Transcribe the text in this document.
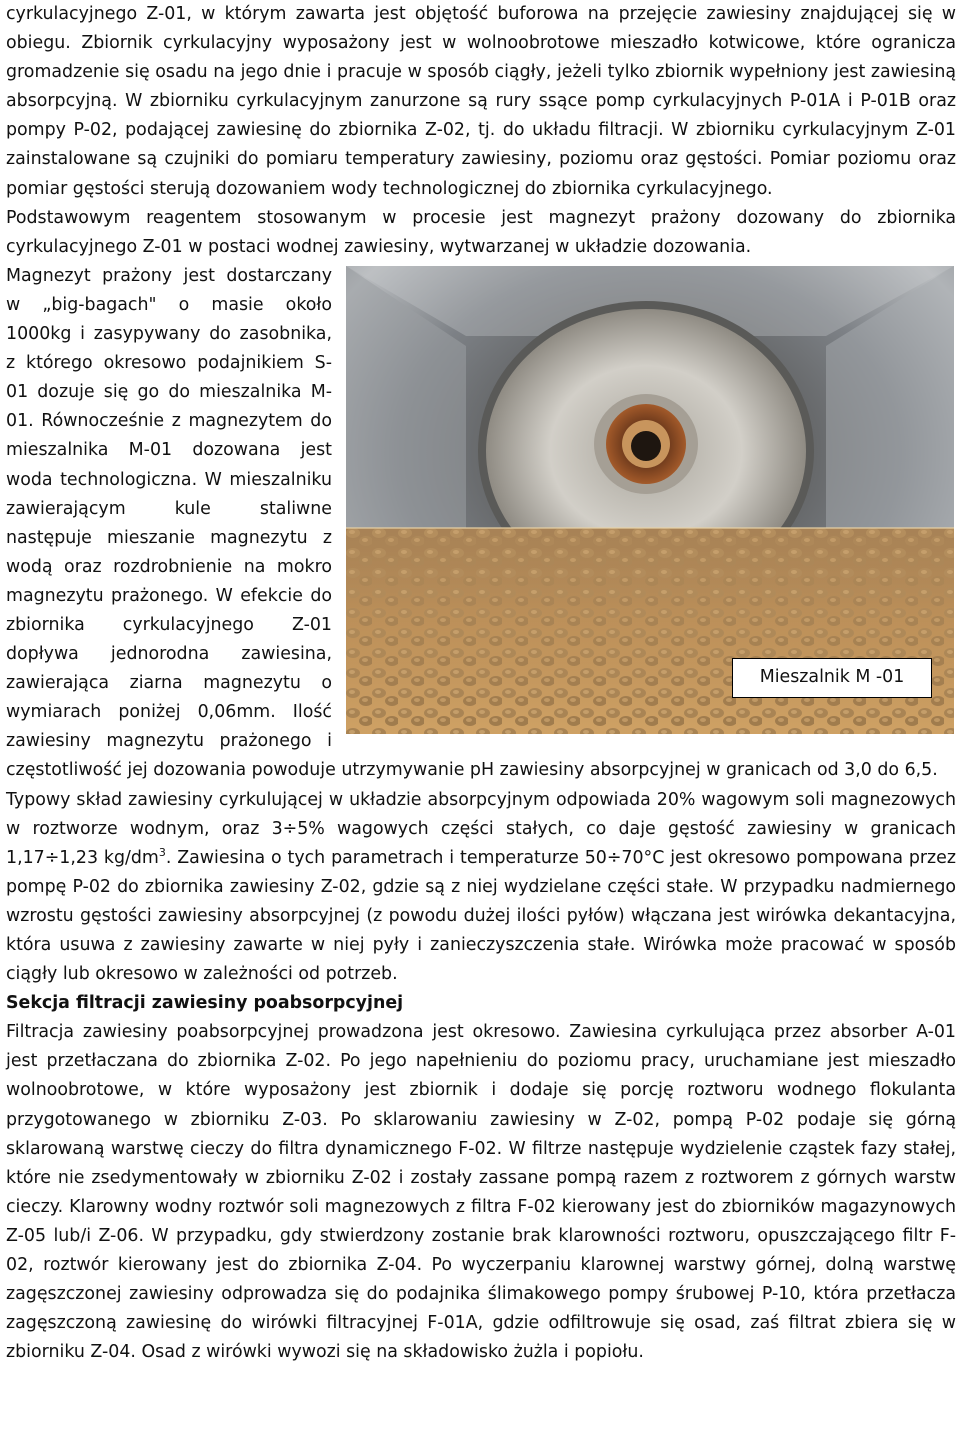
cyrkulacyjnego Z-01, w którym zawarta jest objętość buforowa na przejęcie zawiesiny znajdującej się w obiegu. Zbiornik cyrkulacyjny wyposażony jest w wolnoobrotowe mieszadło kotwicowe, które ogranicza gromadzenie się osadu na jego dnie i pracuje w sposób ciągły, jeżeli tylko zbiornik wypełniony jest zawiesiną absorpcyjną. W zbiorniku cyrkulacyjnym zanurzone są rury ssące pomp cyrkulacyjnych P-01A i P-01B oraz pompy P-02, podającej zawiesinę do zbiornika Z-02, tj. do układu filtracji. W zbiorniku cyrkulacyjnym Z-01 zainstalowane są czujniki do pomiaru temperatury zawiesiny, poziomu oraz gęstości. Pomiar poziomu oraz pomiar gęstości sterują dozowaniem wody technologicznej do zbiornika cyrkulacyjnego.

Podstawowym reagentem stosowanym w procesie jest magnezyt prażony dozowany do zbiornika cyrkulacyjnego Z-01 w postaci wodnej zawiesiny, wytwarzanej w układzie dozowania.

Mieszalnik M -01

Magnezyt prażony jest dostarczany w „big-bagach" o masie około 1000kg i zasypywany do zasobnika, z którego okresowo podajnikiem S-01 dozuje się go do mieszalnika M-01. Równocześnie z magnezytem do mieszalnika M-01 dozowana jest woda technologiczna. W mieszalniku zawierającym kule staliwne następuje mieszanie magnezytu z wodą oraz rozdrobnienie na mokro magnezytu prażonego. W efekcie do zbiornika cyrkulacyjnego Z-01 dopływa jednorodna zawiesina, zawierająca ziarna magnezytu o wymiarach poniżej 0,06mm. Ilość zawiesiny magnezytu prażonego i częstotliwość jej dozowania powoduje utrzymywanie pH zawiesiny absorpcyjnej w granicach od 3,0 do 6,5.

Typowy skład zawiesiny cyrkulującej w układzie absorpcyjnym odpowiada 20% wagowym soli magnezowych w roztworze wodnym, oraz 3÷5% wagowych części stałych, co daje gęstość zawiesiny w granicach 1,17÷1,23 $kg/dm^3$. Zawiesina o tych parametrach i temperaturze 50÷70°C jest okresowo pompowana przez pompę P-02 do zbiornika zawiesiny Z-02, gdzie są z niej wydzielane części stałe. W przypadku nadmiernego wzrostu gęstości zawiesiny absorpcyjnej (z powodu dużej ilości pyłów) włączana jest wirówka dekantacyjna, która usuwa z zawiesiny zawarte w niej pyły i zanieczyszczenia stałe. Wirówka może pracować w sposób ciągły lub okresowo w zależności od potrzeb.

Sekcja filtracji zawiesiny poabsorpcyjnej

Filtracja zawiesiny poabsorpcyjnej prowadzona jest okresowo. Zawiesina cyrkulująca przez absorber A-01 jest przetłaczana do zbiornika Z-02. Po jego napełnieniu do poziomu pracy, uruchamiane jest mieszadło wolnoobrotowe, w które wyposażony jest zbiornik i dodaje się porcję roztworu wodnego flokulanta przygotowanego w zbiorniku Z-03. Po sklarowaniu zawiesiny w Z-02, pompą P-02 podaje się górną sklarowaną warstwę cieczy do filtra dynamicznego F-02. W filtrze następuje wydzielenie cząstek fazy stałej, które nie zsedymentowały w zbiorniku Z-02 i zostały zassane pompą razem z roztworem z górnych warstw cieczy. Klarowny wodny roztwór soli magnezowych z filtra F-02 kierowany jest do zbiorników magazynowych Z-05 lub/i Z-06. W przypadku, gdy stwierdzony zostanie brak klarowności roztworu, opuszczającego filtr F-02, roztwór kierowany jest do zbiornika Z-04. Po wyczerpaniu klarownej warstwy górnej, dolną warstwę zagęszczonej zawiesiny odprowadza się do podajnika ślimakowego pompy śrubowej P-10, która przetłacza zagęszczoną zawiesinę do wirówki filtracyjnej F-01A, gdzie odfiltrowuje się osad, zaś filtrat zbiera się w zbiorniku Z-04. Osad z wirówki wywozi się na składowisko żużla i popiołu.
